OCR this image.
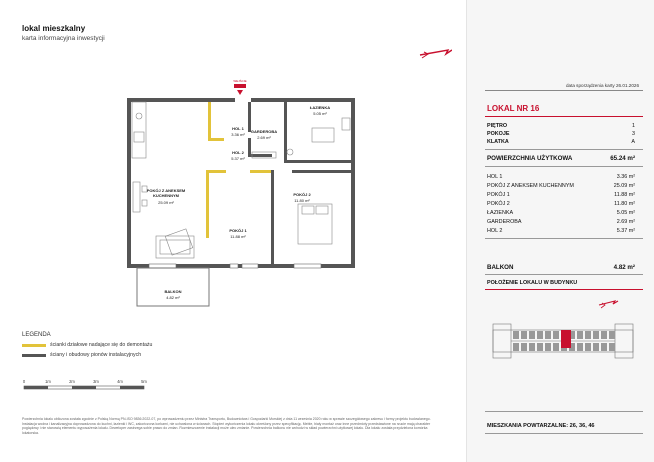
lokal mieszkalny
karta informacyjna inwestycji
ŁAZIENKA
5.05 m²
HOL 1
3.36 m²
GARDEROBA
2.69 m²
HOL 2
5.37 m²
POKÓJ Z ANEKSEM KUCHENNYM
25.09 m²
POKÓJ 2
11.80 m²
POKÓJ 1
11.88 m²
BALKON
4.82 m²
WEJŚCIE
LEGENDA
ścianki działowe nadające się do demontażu
ściany i obudowy pionów instalacyjnych
0	1m	2m	3m	4m	5m
Powierzchnia lokalu obliczona została zgodnie z Polską Normą PN-ISO 9836:2022-07, po wprowadzeniu przez Ministra Transportu, Budownictwa i Gospodarki Morskiej z dnia 11 września 2020 roku w sprawie szczegółowego zakresu i formy projektu budowlanego. Instalacja wodna i kanalizacyjna doprowadzona do kuchni, łazienki i WC, zakończona korkami, nie uchwalona w ścianach. Stopień wykończenia lokalu określony przez specyfikację. Meble, biały montaż oraz inne przedmioty przedstawione na rzucie mają charakter poglądowy i nie stanowią elementu wyposażenia lokalu. Deweloper zastrzega sobie prawo do zmian. Rozmieszczenie instalacji może ulec zmianie. Powierzchnia balkonu nie wchodzi w skład powierzchni użytkowej lokalu. Dla lokalu została przydzielona komórka lokatorska.
data sporządzenia karty 26.01.2026
LOKAL NR 16
PIĘTRO	1
POKOJE	3
KLATKA	A
POWIERZCHNIA UŻYTKOWA	65.24 m²
HOL 1	3.36 m²
POKÓJ Z ANEKSEM KUCHENNYM	25.09 m²
POKÓJ 1	11.88 m²
POKÓJ 2	11.80 m²
ŁAZIENKA	5.05 m²
GARDEROBA	2.69 m²
HOL 2	5.37 m²
BALKON	4.82 m²
POŁOŻENIE LOKALU W BUDYNKU
MIESZKANIA POWTARZALNE: 26, 36, 46
